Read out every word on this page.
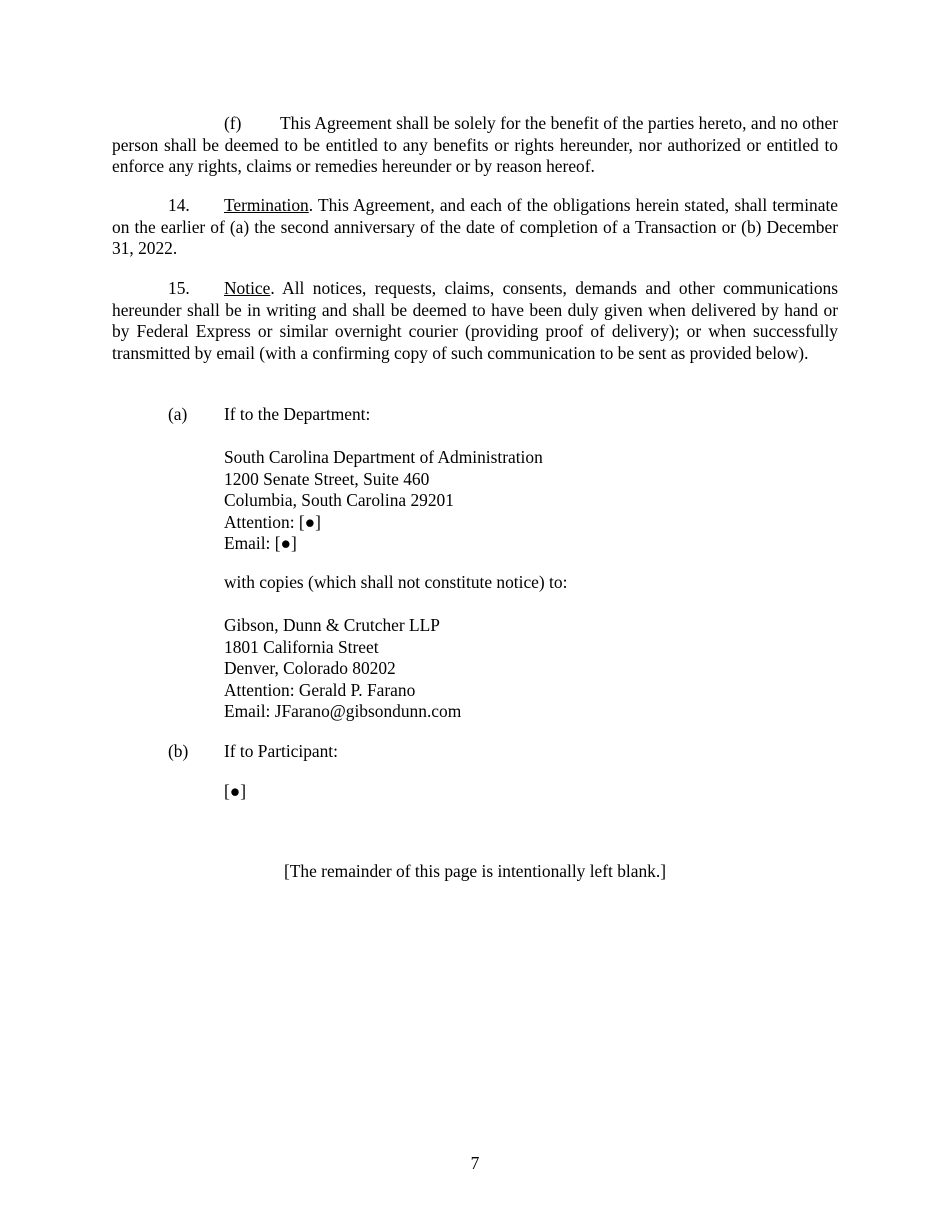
(f) This Agreement shall be solely for the benefit of the parties hereto, and no other person shall be deemed to be entitled to any benefits or rights hereunder, nor authorized or entitled to enforce any rights, claims or remedies hereunder or by reason hereof.
14. Termination. This Agreement, and each of the obligations herein stated, shall terminate on the earlier of (a) the second anniversary of the date of completion of a Transaction or (b) December 31, 2022.
15. Notice. All notices, requests, claims, consents, demands and other communications hereunder shall be in writing and shall be deemed to have been duly given when delivered by hand or by Federal Express or similar overnight courier (providing proof of delivery); or when successfully transmitted by email (with a confirming copy of such communication to be sent as provided below).
(a) If to the Department:
South Carolina Department of Administration
1200 Senate Street, Suite 460
Columbia, South Carolina 29201
Attention: [●]
Email: [●]
with copies (which shall not constitute notice) to:
Gibson, Dunn & Crutcher LLP
1801 California Street
Denver, Colorado 80202
Attention: Gerald P. Farano
Email: JFarano@gibsondunn.com
(b) If to Participant:
[●]
[The remainder of this page is intentionally left blank.]
7
